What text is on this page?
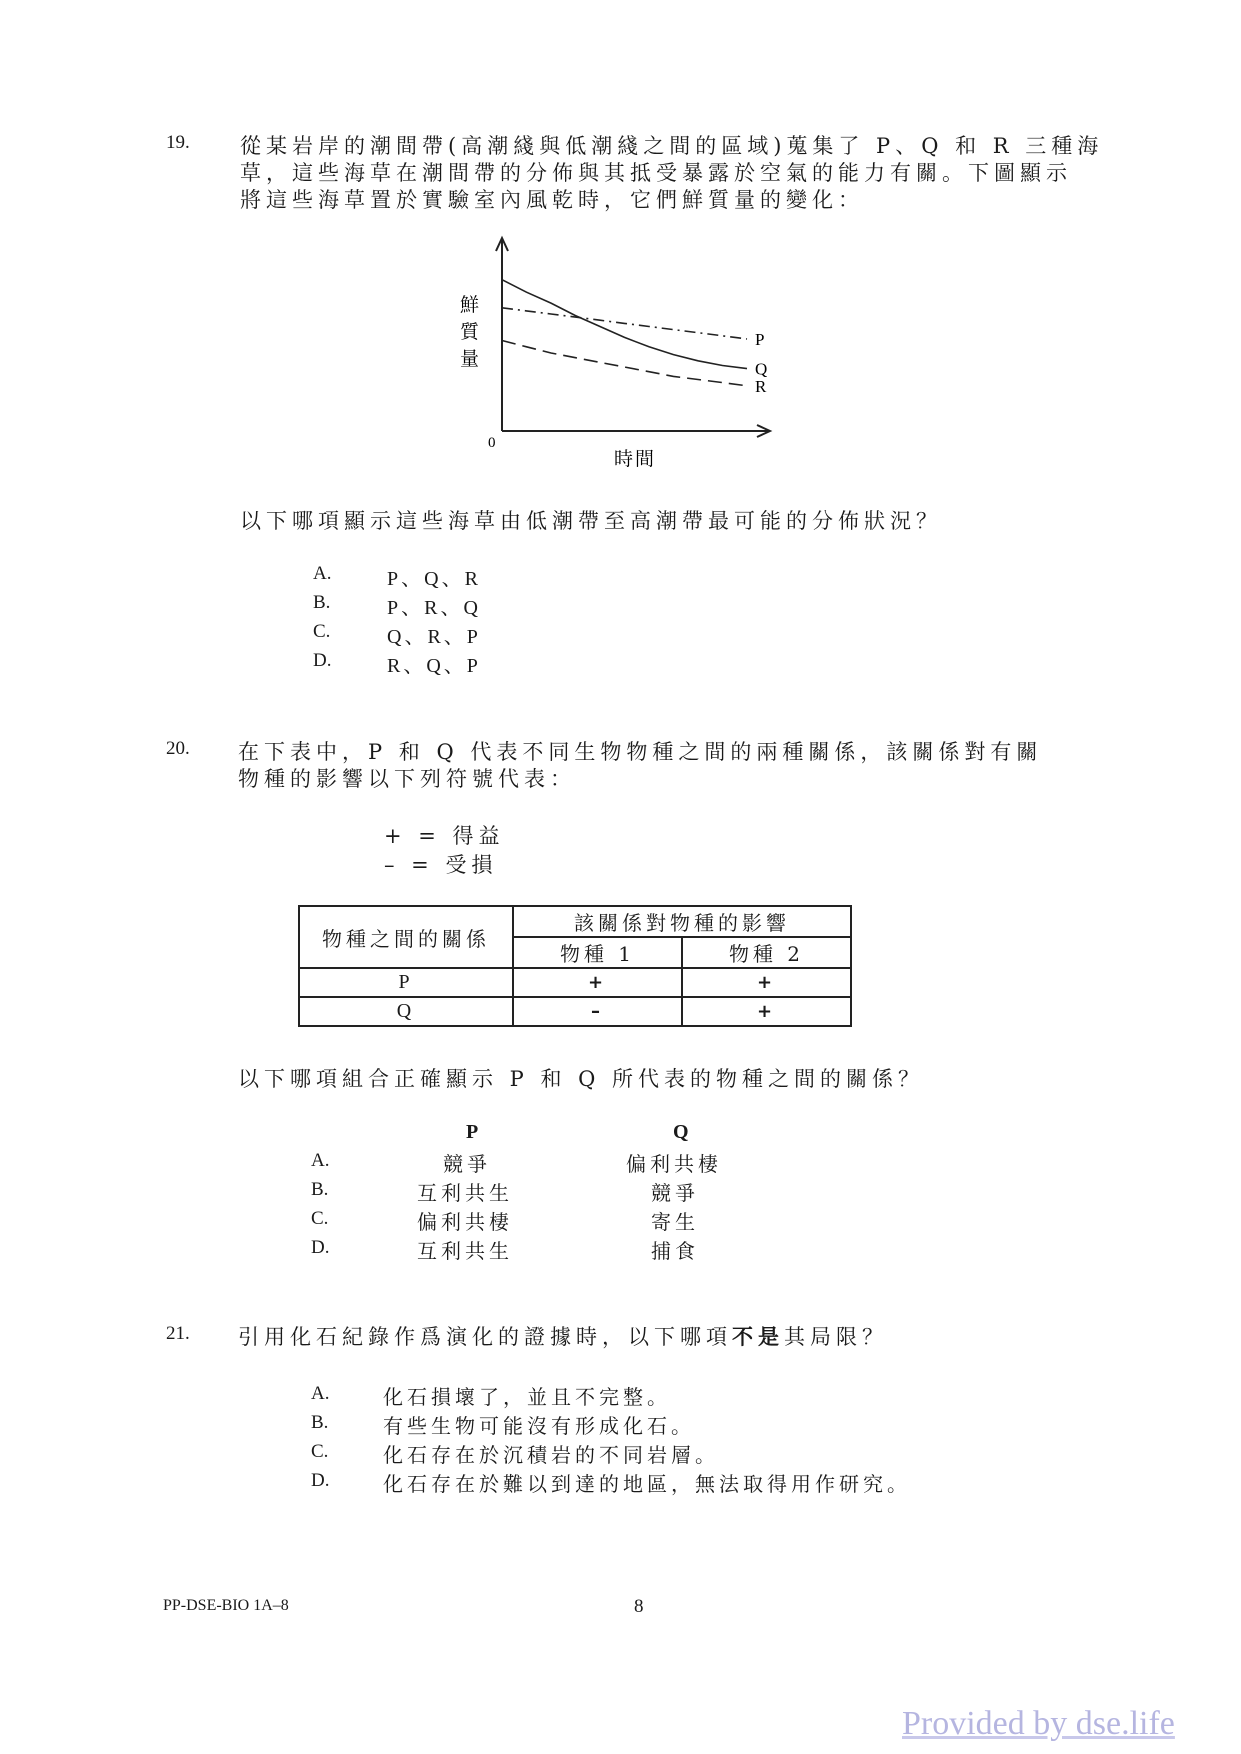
19. 從某岩岸的潮間帶(高潮綫與低潮綫之間的區域)蒐集了 P、Q 和 R 三種海
草，這些海草在潮間帶的分佈與其抵受暴露於空氣的能力有關。下圖顯示
將這些海草置於實驗室內風乾時，它們鮮質量的變化：
0
時間
鮮質量
P
Q
R
以下哪項顯示這些海草由低潮帶至高潮帶最可能的分佈狀況？
A.	P、Q、R
B.	P、R、Q
C.	Q、R、P
D.	R、Q、P
20. 在下表中，P 和 Q 代表不同生物物種之間的兩種關係，該關係對有關
物種的影響以下列符號代表：
+ = 得益
– = 受損
物種之間的關係	該關係對物種的影響	
	物種 1	物種 2
P	+	+
Q	–	+
以下哪項組合正確顯示 P 和 Q 所代表的物種之間的關係？
P	Q
A.	競爭	偏利共棲
B.	互利共生	競爭
C.	偏利共棲	寄生
D.	互利共生	捕食
21. 引用化石紀錄作爲演化的證據時，以下哪項不是其局限？
A.	化石損壞了，並且不完整。
B.	有些生物可能沒有形成化石。
C.	化石存在於沉積岩的不同岩層。
D.	化石存在於難以到達的地區，無法取得用作研究。
PP-DSE-BIO 1A–8	8
Provided by dse.life
